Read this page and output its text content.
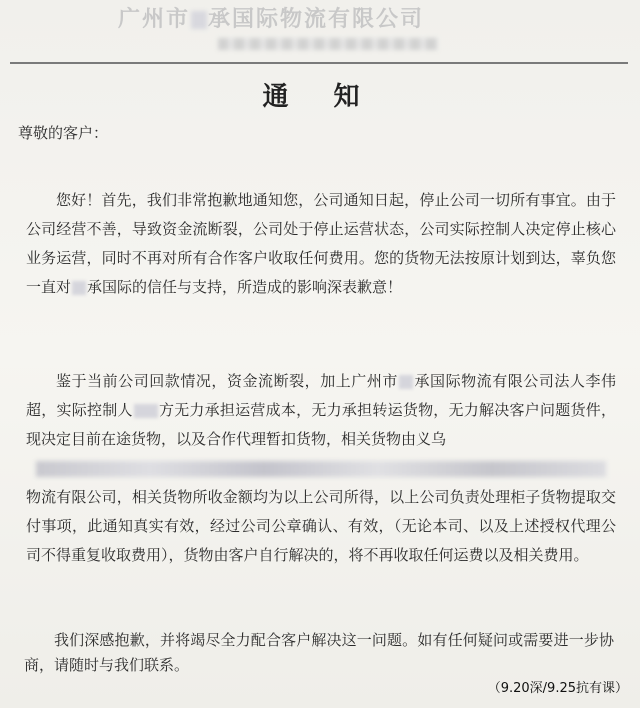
广州市 承国际物流有限公司
通 知
尊敬的客户：

您好！首先，我们非常抱歉地通知您，公司通知日起，停止公司一切所有事宜。由于公司经营不善，导致资金流断裂，公司处于停止运营状态，公司实际控制人决定停止核心业务运营，同时不再对所有合作客户收取任何费用。您的货物无法按原计划到达，辜负您一直对 承国际的信任与支持，所造成的影响深表歉意！

鉴于当前公司回款情况，资金流断裂，加上广州市 承国际物流有限公司法人李伟超，实际控制人 方无力承担运营成本，无力承担转运货物，无力解决客户问题货件，现决定目前在途货物，以及合作代理暂扣货物，相关货物由义乌
物流有限公司，相关货物所收金额均为以上公司所得，以上公司负责处理柜子货物提取交付事项，此通知真实有效，经过公司公章确认、有效，（无论本司、以及上述授权代理公司不得重复收取费用），货物由客户自行解决的，将不再收取任何运费以及相关费用。

我们深感抱歉，并将竭尽全力配合客户解决这一问题。如有任何疑问或需要进一步协商，请随时与我们联系。

（9.20深/9.25抗有课）
